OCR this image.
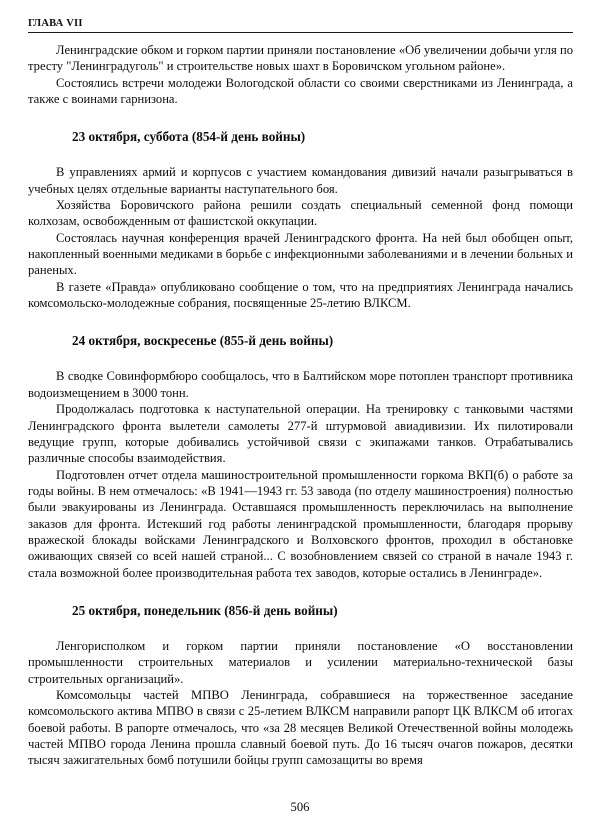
ГЛАВА VII

Ленинградские обком и горком партии приняли постановление «Об увеличении добычи угля по тресту "Ленинградуголь" и строительстве новых шахт в Боровичском угольном районе».

Состоялись встречи молодежи Вологодской области со своими сверстниками из Ленинграда, а также с воинами гарнизона.

23 октября, суббота (854-й день войны)

В управлениях армий и корпусов с участием командования дивизий начали разыгрываться в учебных целях отдельные варианты наступательного боя.

Хозяйства Боровичского района решили создать специальный семенной фонд помощи колхозам, освобожденным от фашистской оккупации.

Состоялась научная конференция врачей Ленинградского фронта. На ней был обобщен опыт, накопленный военными медиками в борьбе с инфекционными заболеваниями и в лечении больных и раненых.

В газете «Правда» опубликовано сообщение о том, что на предприятиях Ленинграда начались комсомольско-молодежные собрания, посвященные 25-летию ВЛКСМ.

24 октября, воскресенье (855-й день войны)

В сводке Совинформбюро сообщалось, что в Балтийском море потоплен транспорт противника водоизмещением в 3000 тонн.

Продолжалась подготовка к наступательной операции. На тренировку с танковыми частями Ленинградского фронта вылетели самолеты 277-й штурмовой авиадивизии. Их пилотировали ведущие групп, которые добивались устойчивой связи с экипажами танков. Отрабатывались различные способы взаимодействия.

Подготовлен отчет отдела машиностроительной промышленности горкома ВКП(б) о работе за годы войны. В нем отмечалось: «В 1941—1943 гг. 53 завода (по отделу машиностроения) полностью были эвакуированы из Ленинграда. Оставшаяся промышленность переключилась на выполнение заказов для фронта. Истекший год работы ленинградской промышленности, благодаря прорыву вражеской блокады войсками Ленинградского и Волховского фронтов, проходил в обстановке оживающих связей со всей нашей страной... С возобновлением связей со страной в начале 1943 г. стала возможной более производительная работа тех заводов, которые остались в Ленинграде».

25 октября, понедельник (856-й день войны)

Ленгорисполком и горком партии приняли постановление «О восстановлении промышленности строительных материалов и усилении материально-технической базы строительных организаций».

Комсомольцы частей МПВО Ленинграда, собравшиеся на торжественное заседание комсомольского актива МПВО в связи с 25-летием ВЛКСМ направили рапорт ЦК ВЛКСМ об итогах боевой работы. В рапорте отмечалось, что «за 28 месяцев Великой Отечественной войны молодежь частей МПВО города Ленина прошла славный боевой путь. До 16 тысяч очагов пожаров, десятки тысяч зажигательных бомб потушили бойцы групп самозащиты во время

506
